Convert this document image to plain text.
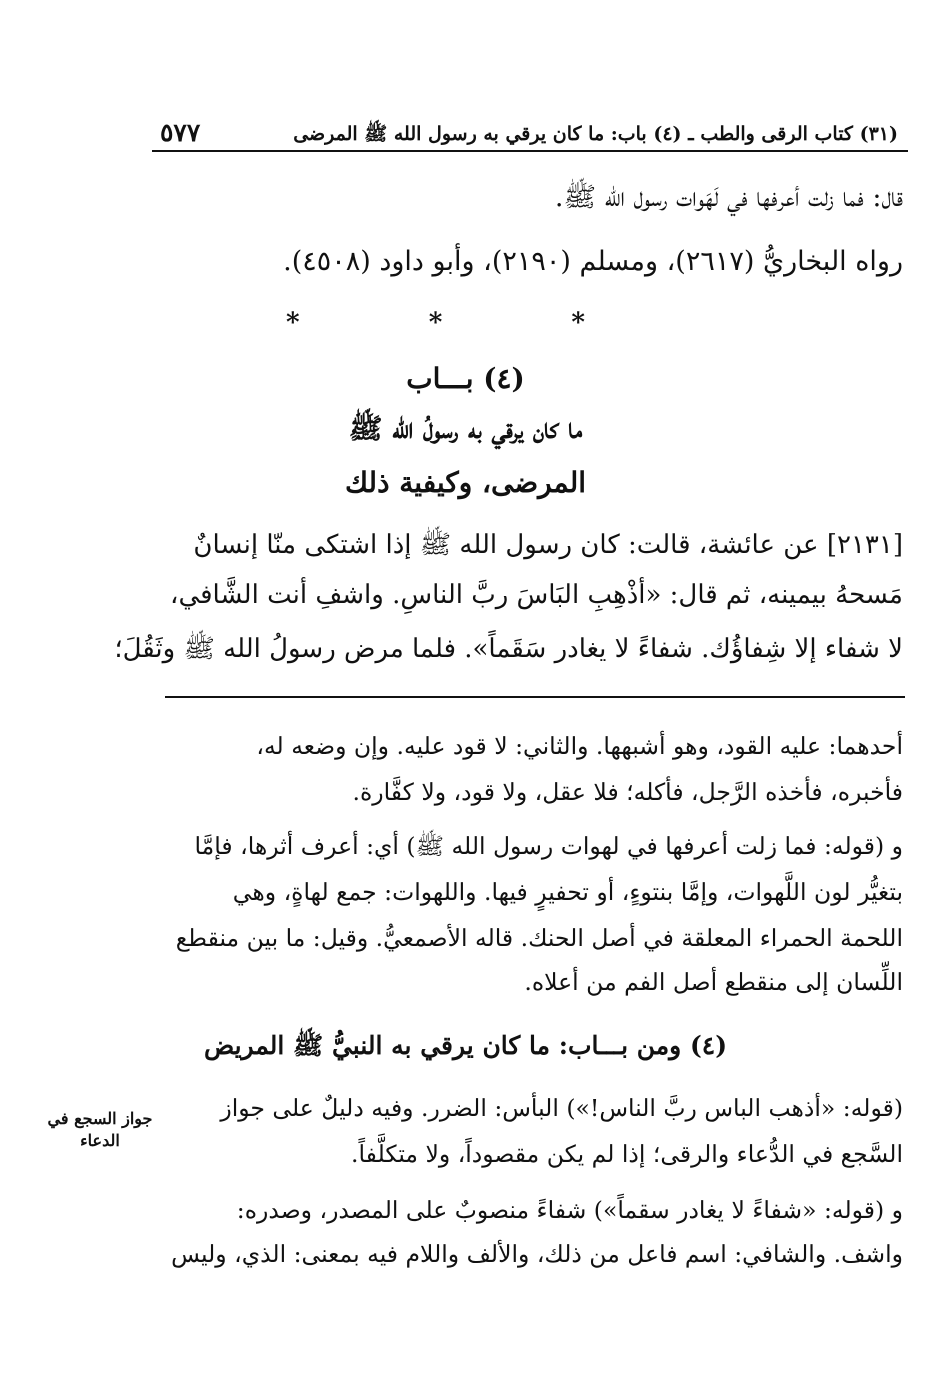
٥٧٧	(٣١) كتاب الرقى والطب ـ (٤) باب: ما كان يرقي به رسول الله ﷺ المرضى
قال: فما زلت أعرفها في لَهَوات رسول الله ﷺ.
رواه البخاريُّ (٢٦١٧)، ومسلم (٢١٩٠)، وأبو داود (٤٥٠٨).
* * *
(٤) بـــاب
ما كان يرقي به رسولُ الله ﷺ
المرضى، وكيفية ذلك
[٢١٣١] عن عائشة، قالت: كان رسول الله ﷺ إذا اشتكى منّا إنسانٌ
مَسحهُ بيمينه، ثم قال: «أذْهِبِ البَاسَ ربَّ الناسِ. واشفِ أنت الشَّافي،
لا شفاء إلا شِفاؤُك. شفاءً لا يغادر سَقَماً». فلما مرض رسولُ الله ﷺ وثَقُلَ؛
أحدهما: عليه القود، وهو أشبهها. والثاني: لا قود عليه. وإن وضعه له،
فأخبره، فأخذه الرَّجل، فأكله؛ فلا عقل، ولا قود، ولا كفَّارة.
و (قوله: فما زلت أعرفها في لهوات رسول الله ﷺ) أي: أعرف أثرها، فإمَّا
بتغيُّر لون اللَّهوات، وإمَّا بنتوءٍ، أو تحفيرٍ فيها. واللهوات: جمع لهاةٍ، وهي
اللحمة الحمراء المعلقة في أصل الحنك. قاله الأصمعيُّ. وقيل: ما بين منقطع
اللِّسان إلى منقطع أصل الفم من أعلاه.
(٤) ومن بـــاب: ما كان يرقي به النبيُّ ﷺ المريض
(قوله: «أذهب الباس ربَّ الناس!») البأس: الضرر. وفيه دليلٌ على جواز
السَّجع في الدُّعاء والرقى؛ إذا لم يكن مقصوداً، ولا متكلَّفاً.
و (قوله: «شفاءً لا يغادر سقماً») شفاءً منصوبٌ على المصدر، وصدره:
واشف. والشافي: اسم فاعل من ذلك، والألف واللام فيه بمعنى: الذي، وليس
جواز السجع في
الدعاء
